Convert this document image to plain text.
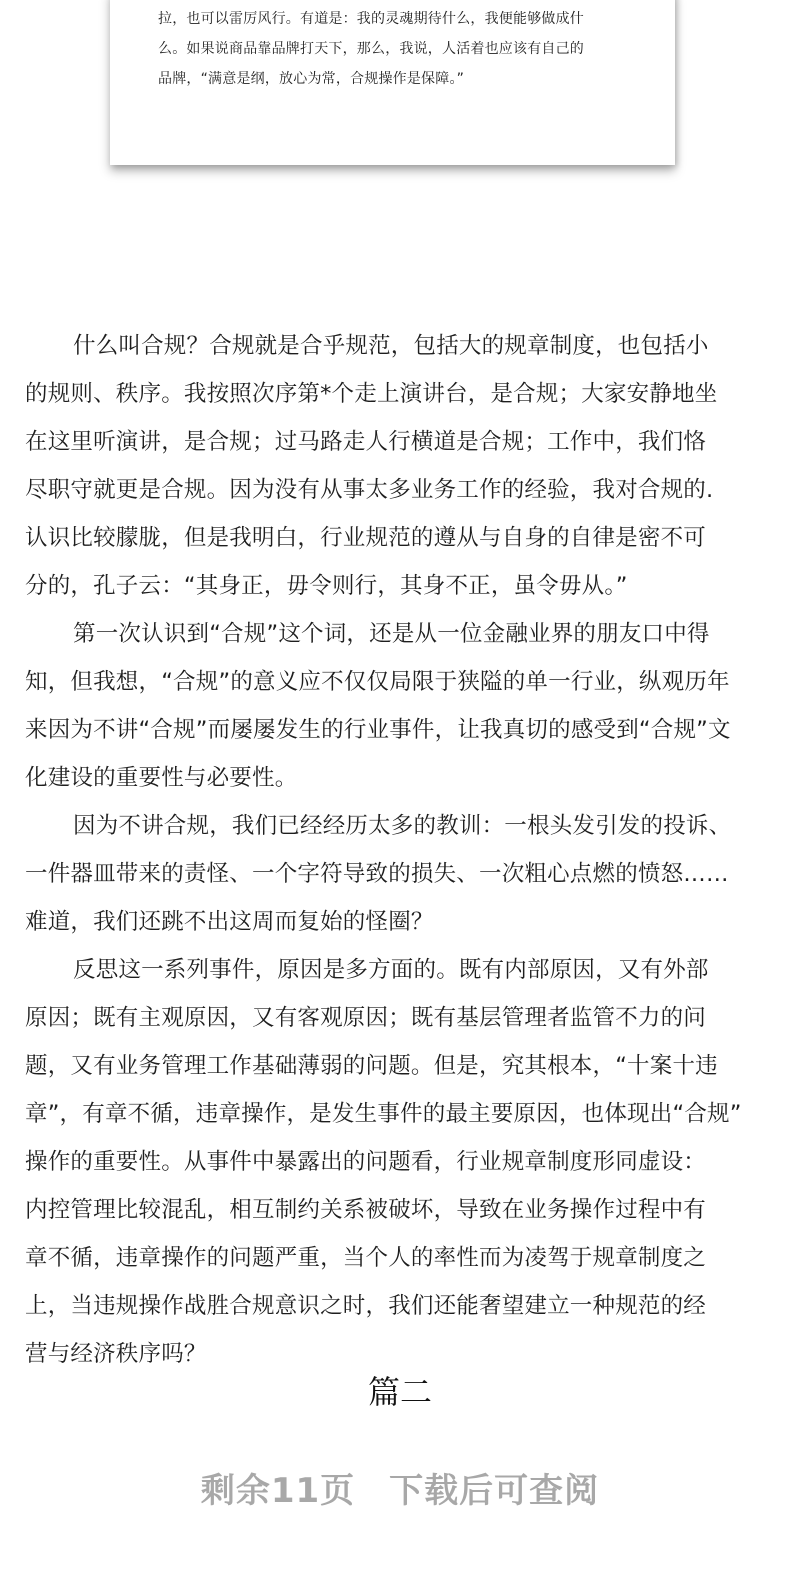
拉，也可以雷厉风行。有道是：我的灵魂期待什么，我便能够做成什
么。如果说商品靠品牌打天下，那么，我说，人活着也应该有自己的
品牌，“满意是纲，放心为常，合规操作是保障。”
什么叫合规？合规就是合乎规范，包括大的规章制度，也包括小
的规则、秩序。我按照次序第*个走上演讲台，是合规；大家安静地坐
在这里听演讲，是合规；过马路走人行横道是合规；工作中，我们恪
尽职守就更是合规。因为没有从事太多业务工作的经验，我对合规的.
认识比较朦胧，但是我明白，行业规范的遵从与自身的自律是密不可
分的，孔子云：“其身正，毋令则行，其身不正，虽令毋从。”
第一次认识到“合规”这个词，还是从一位金融业界的朋友口中得
知，但我想，“合规”的意义应不仅仅局限于狭隘的单一行业，纵观历年
来因为不讲“合规”而屡屡发生的行业事件，让我真切的感受到“合规”文
化建设的重要性与必要性。
因为不讲合规，我们已经经历太多的教训：一根头发引发的投诉、
一件器皿带来的责怪、一个字符导致的损失、一次粗心点燃的愤怒……
难道，我们还跳不出这周而复始的怪圈？
反思这一系列事件，原因是多方面的。既有内部原因，又有外部
原因；既有主观原因，又有客观原因；既有基层管理者监管不力的问
题，又有业务管理工作基础薄弱的问题。但是，究其根本，“十案十违
章”，有章不循，违章操作，是发生事件的最主要原因，也体现出“合规”
操作的重要性。从事件中暴露出的问题看，行业规章制度形同虚设：
内控管理比较混乱，相互制约关系被破坏，导致在业务操作过程中有
章不循，违章操作的问题严重，当个人的率性而为凌驾于规章制度之
上，当违规操作战胜合规意识之时，我们还能奢望建立一种规范的经
营与经济秩序吗？
篇二
剩余11页 下载后可查阅
